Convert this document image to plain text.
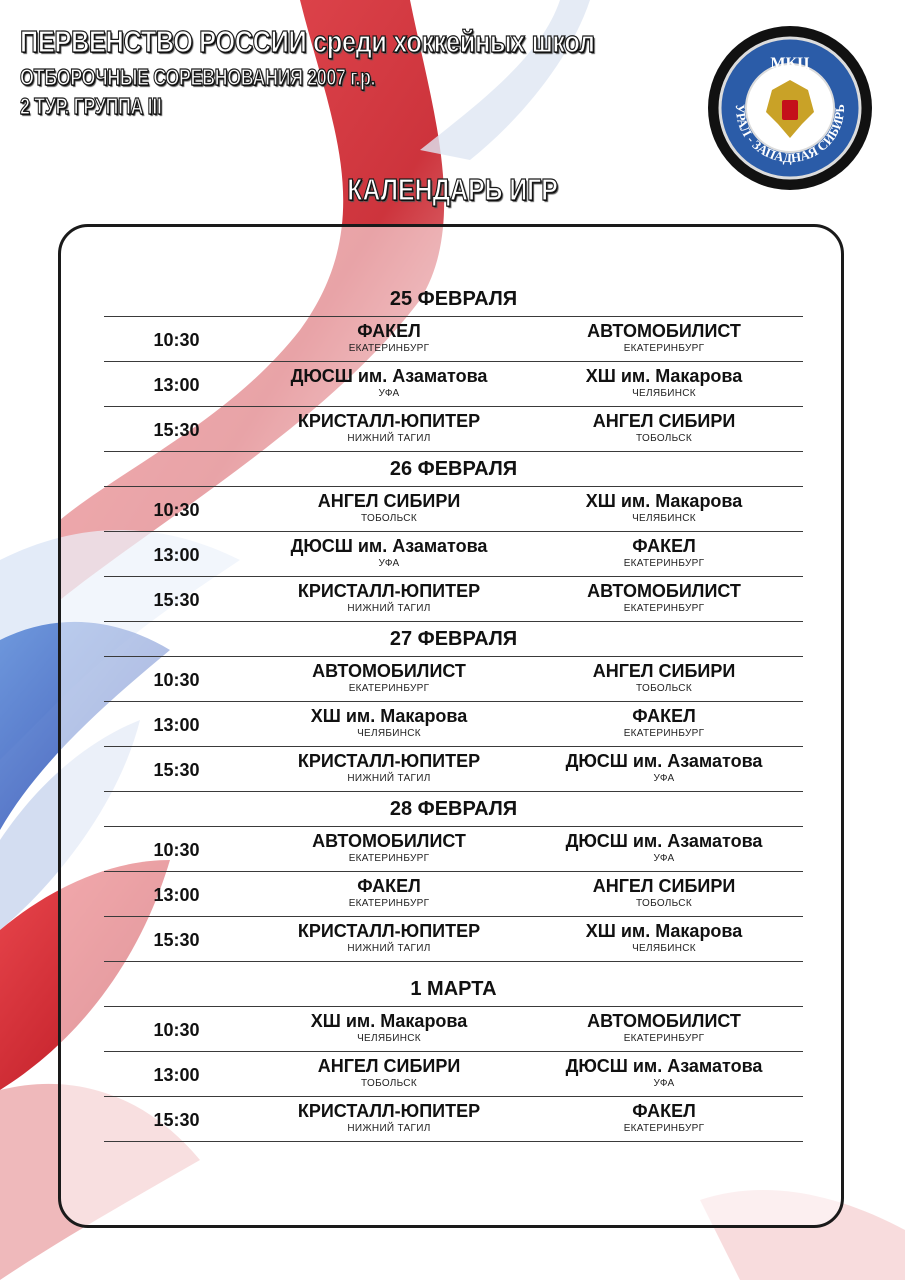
ПЕРВЕНСТВО РОССИИ среди хоккейных школ
ОТБОРОЧНЫЕ СОРЕВНОВАНИЯ 2007 г.р.
2 ТУР. ГРУППА III
МКЦ
УРАЛ - ЗАПАДНАЯ СИБИРЬ
КАЛЕНДАРЬ ИГР
25 ФЕВРАЛЯ
10:30	ФАКЕЛ
ЕКАТЕРИНБУРГ
АВТОМОБИЛИСТ
ЕКАТЕРИНБУРГ
13:00	ДЮСШ им. Азаматова
УФА
ХШ им. Макарова
ЧЕЛЯБИНСК
15:30	КРИСТАЛЛ-ЮПИТЕР
НИЖНИЙ ТАГИЛ
АНГЕЛ СИБИРИ
ТОБОЛЬСК
26 ФЕВРАЛЯ
10:30	АНГЕЛ СИБИРИ
ТОБОЛЬСК
ХШ им. Макарова
ЧЕЛЯБИНСК
13:00	ДЮСШ им. Азаматова
УФА
ФАКЕЛ
ЕКАТЕРИНБУРГ
15:30	КРИСТАЛЛ-ЮПИТЕР
НИЖНИЙ ТАГИЛ
АВТОМОБИЛИСТ
ЕКАТЕРИНБУРГ
27 ФЕВРАЛЯ
10:30	АВТОМОБИЛИСТ
ЕКАТЕРИНБУРГ
АНГЕЛ СИБИРИ
ТОБОЛЬСК
13:00	ХШ им. Макарова
ЧЕЛЯБИНСК
ФАКЕЛ
ЕКАТЕРИНБУРГ
15:30	КРИСТАЛЛ-ЮПИТЕР
НИЖНИЙ ТАГИЛ
ДЮСШ им. Азаматова
УФА
28 ФЕВРАЛЯ
10:30	АВТОМОБИЛИСТ
ЕКАТЕРИНБУРГ
ДЮСШ им. Азаматова
УФА
13:00	ФАКЕЛ
ЕКАТЕРИНБУРГ
АНГЕЛ СИБИРИ
ТОБОЛЬСК
15:30	КРИСТАЛЛ-ЮПИТЕР
НИЖНИЙ ТАГИЛ
ХШ им. Макарова
ЧЕЛЯБИНСК
1 МАРТА
10:30	ХШ им. Макарова
ЧЕЛЯБИНСК
АВТОМОБИЛИСТ
ЕКАТЕРИНБУРГ
13:00	АНГЕЛ СИБИРИ
ТОБОЛЬСК
ДЮСШ им. Азаматова
УФА
15:30	КРИСТАЛЛ-ЮПИТЕР
НИЖНИЙ ТАГИЛ
ФАКЕЛ
ЕКАТЕРИНБУРГ
